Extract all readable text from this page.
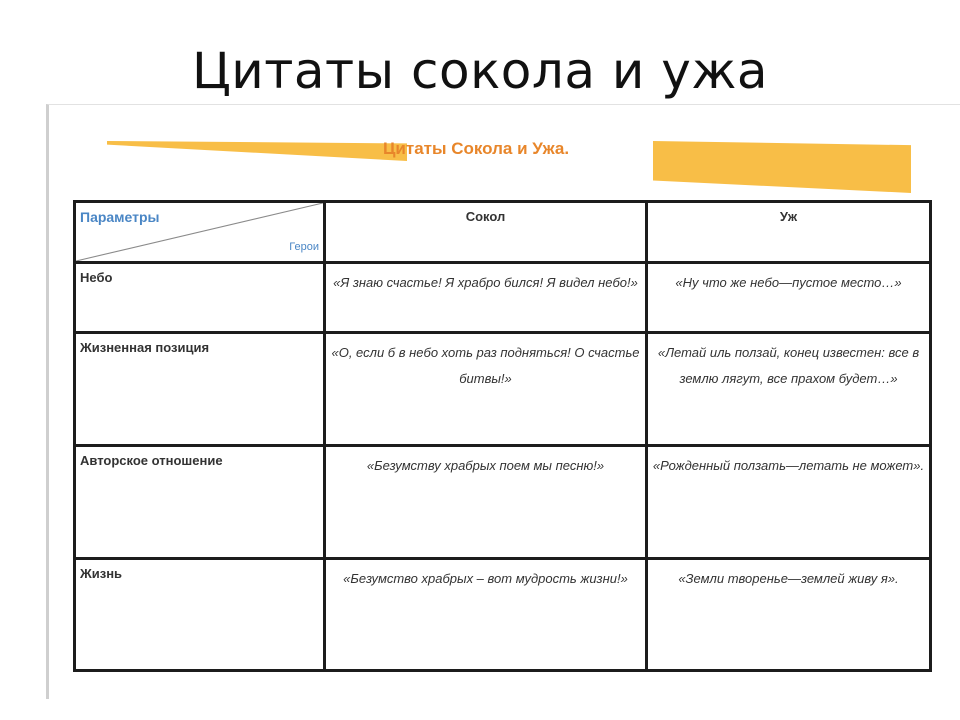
Цитаты сокола и ужа
Цитаты Сокола и Ужа.
Параметры
Герои	Сокол	Уж
Небо	«Я знаю счастье! Я храбро бился! Я видел небо!»	«Ну что же небо—пустое место…»
Жизненная позиция	«О, если б в небо хоть раз подняться! О счастье битвы!»	«Летай иль ползай, конец известен: все в землю лягут, все прахом будет…»
Авторское отношение	«Безумству храбрых поем мы песню!»	«Рожденный ползать—летать не может».
Жизнь	«Безумство храбрых – вот мудрость жизни!»	«Земли творенье—землей живу я».
